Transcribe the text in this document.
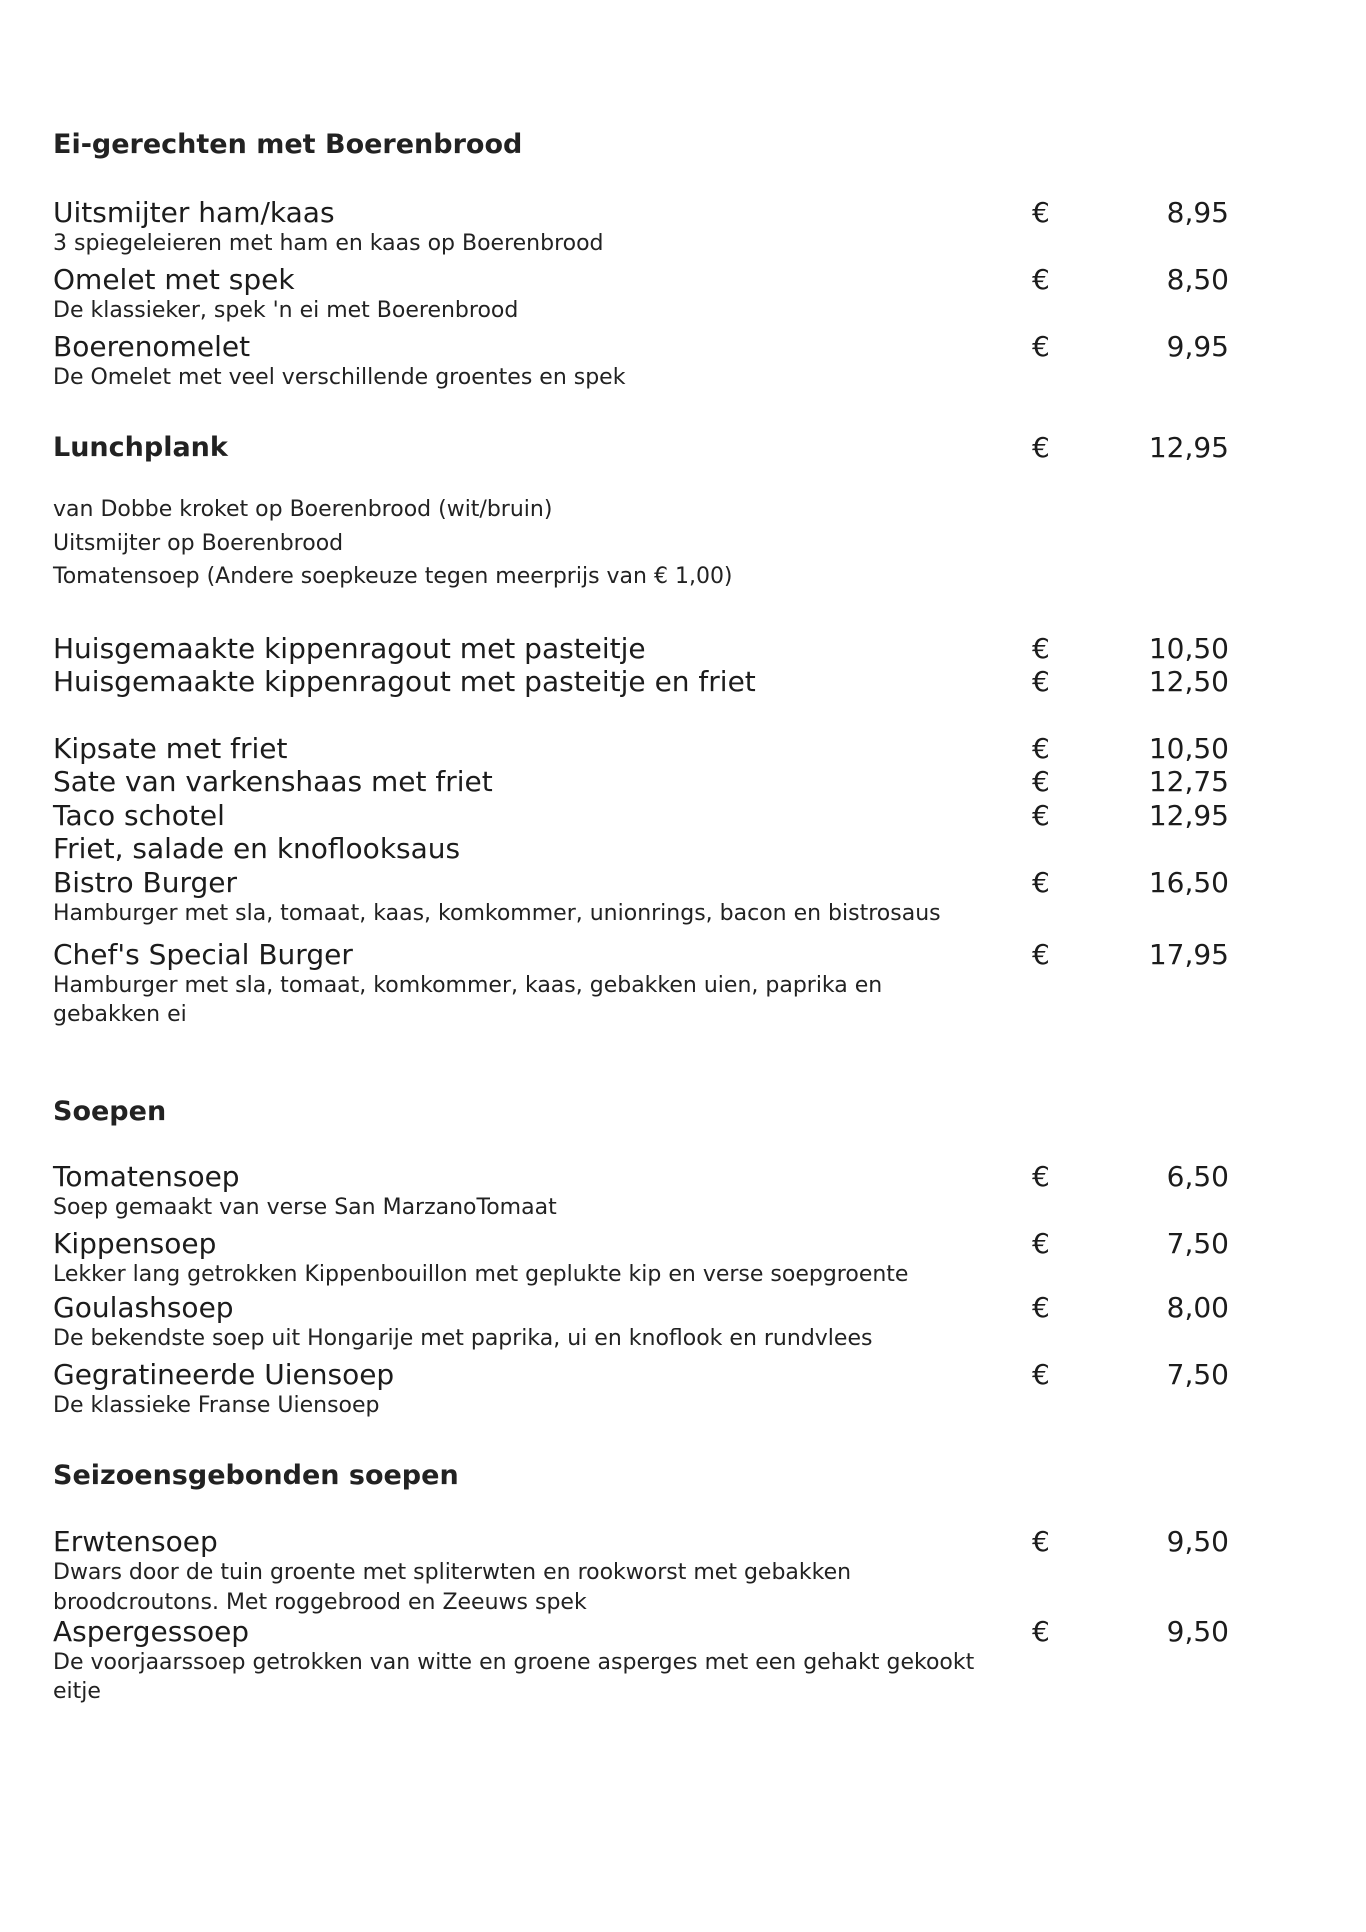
Ei-gerechten met Boerenbrood
Uitsmijter ham/kaas	€	8,95
3 spiegeleieren met ham en kaas op Boerenbrood
Omelet met spek	€	8,50
De klassieker, spek 'n ei met Boerenbrood
Boerenomelet	€	9,95
De Omelet met veel verschillende groentes en spek
Lunchplank	€	12,95
van Dobbe kroket op Boerenbrood (wit/bruin)
Uitsmijter op Boerenbrood
Tomatensoep (Andere soepkeuze tegen meerprijs van € 1,00)
Huisgemaakte kippenragout met pasteitje	€	10,50
Huisgemaakte kippenragout met pasteitje en friet	€	12,50
Kipsate met friet	€	10,50
Sate van varkenshaas met friet	€	12,75
Taco schotel	€	12,95
Friet, salade en knoflooksaus
Bistro Burger	€	16,50
Hamburger met sla, tomaat, kaas, komkommer, unionrings, bacon en bistrosaus
Chef's Special Burger	€	17,95
Hamburger met sla, tomaat, komkommer, kaas, gebakken uien, paprika en
gebakken ei
Soepen
Tomatensoep	€	6,50
Soep gemaakt van verse San MarzanoTomaat
Kippensoep	€	7,50
Lekker lang getrokken Kippenbouillon met geplukte kip en verse soepgroente
Goulashsoep	€	8,00
De bekendste soep uit Hongarije met paprika, ui en knoflook en rundvlees
Gegratineerde Uiensoep	€	7,50
De klassieke Franse Uiensoep
Seizoensgebonden soepen
Erwtensoep	€	9,50
Dwars door de tuin groente met spliterwten en rookworst met gebakken
broodcroutons. Met roggebrood en Zeeuws spek
Aspergessoep	€	9,50
De voorjaarssoep getrokken van witte en groene asperges met een gehakt gekookt
eitje
